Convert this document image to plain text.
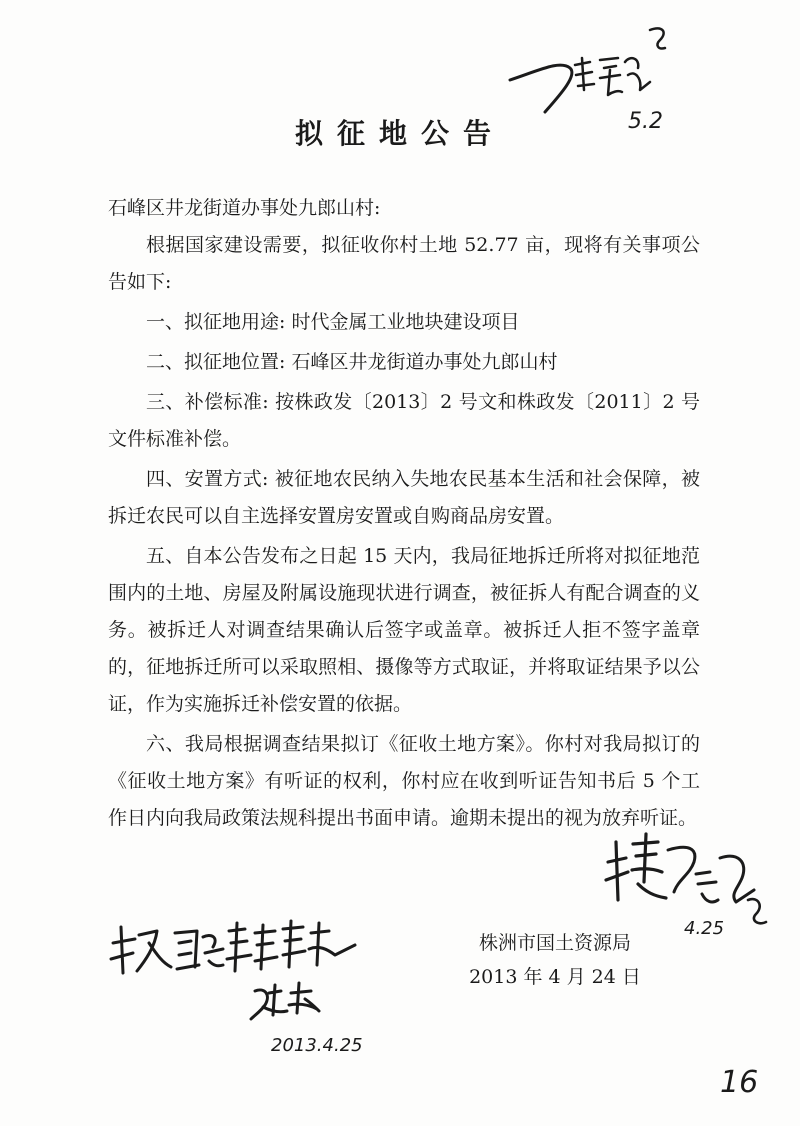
5.2
拟征地公告

石峰区井龙街道办事处九郎山村:

根据国家建设需要，拟征收你村土地 52.77 亩，现将有关事项公告如下:

一、拟征地用途: 时代金属工业地块建设项目

二、拟征地位置: 石峰区井龙街道办事处九郎山村

三、补偿标准: 按株政发〔2013〕2 号文和株政发〔2011〕2 号文件标准补偿。

四、安置方式: 被征地农民纳入失地农民基本生活和社会保障，被拆迁农民可以自主选择安置房安置或自购商品房安置。

五、自本公告发布之日起 15 天内，我局征地拆迁所将对拟征地范围内的土地、房屋及附属设施现状进行调查，被征拆人有配合调查的义务。被拆迁人对调查结果确认后签字或盖章。被拆迁人拒不签字盖章的，征地拆迁所可以采取照相、摄像等方式取证，并将取证结果予以公证，作为实施拆迁补偿安置的依据。

六、我局根据调查结果拟订《征收土地方案》。你村对我局拟订的《征收土地方案》有听证的权利，你村应在收到听证告知书后 5 个工作日内向我局政策法规科提出书面申请。逾期未提出的视为放弃听证。

4.25
株洲市国土资源局
2013 年 4 月 24 日
2013.4.25
16
